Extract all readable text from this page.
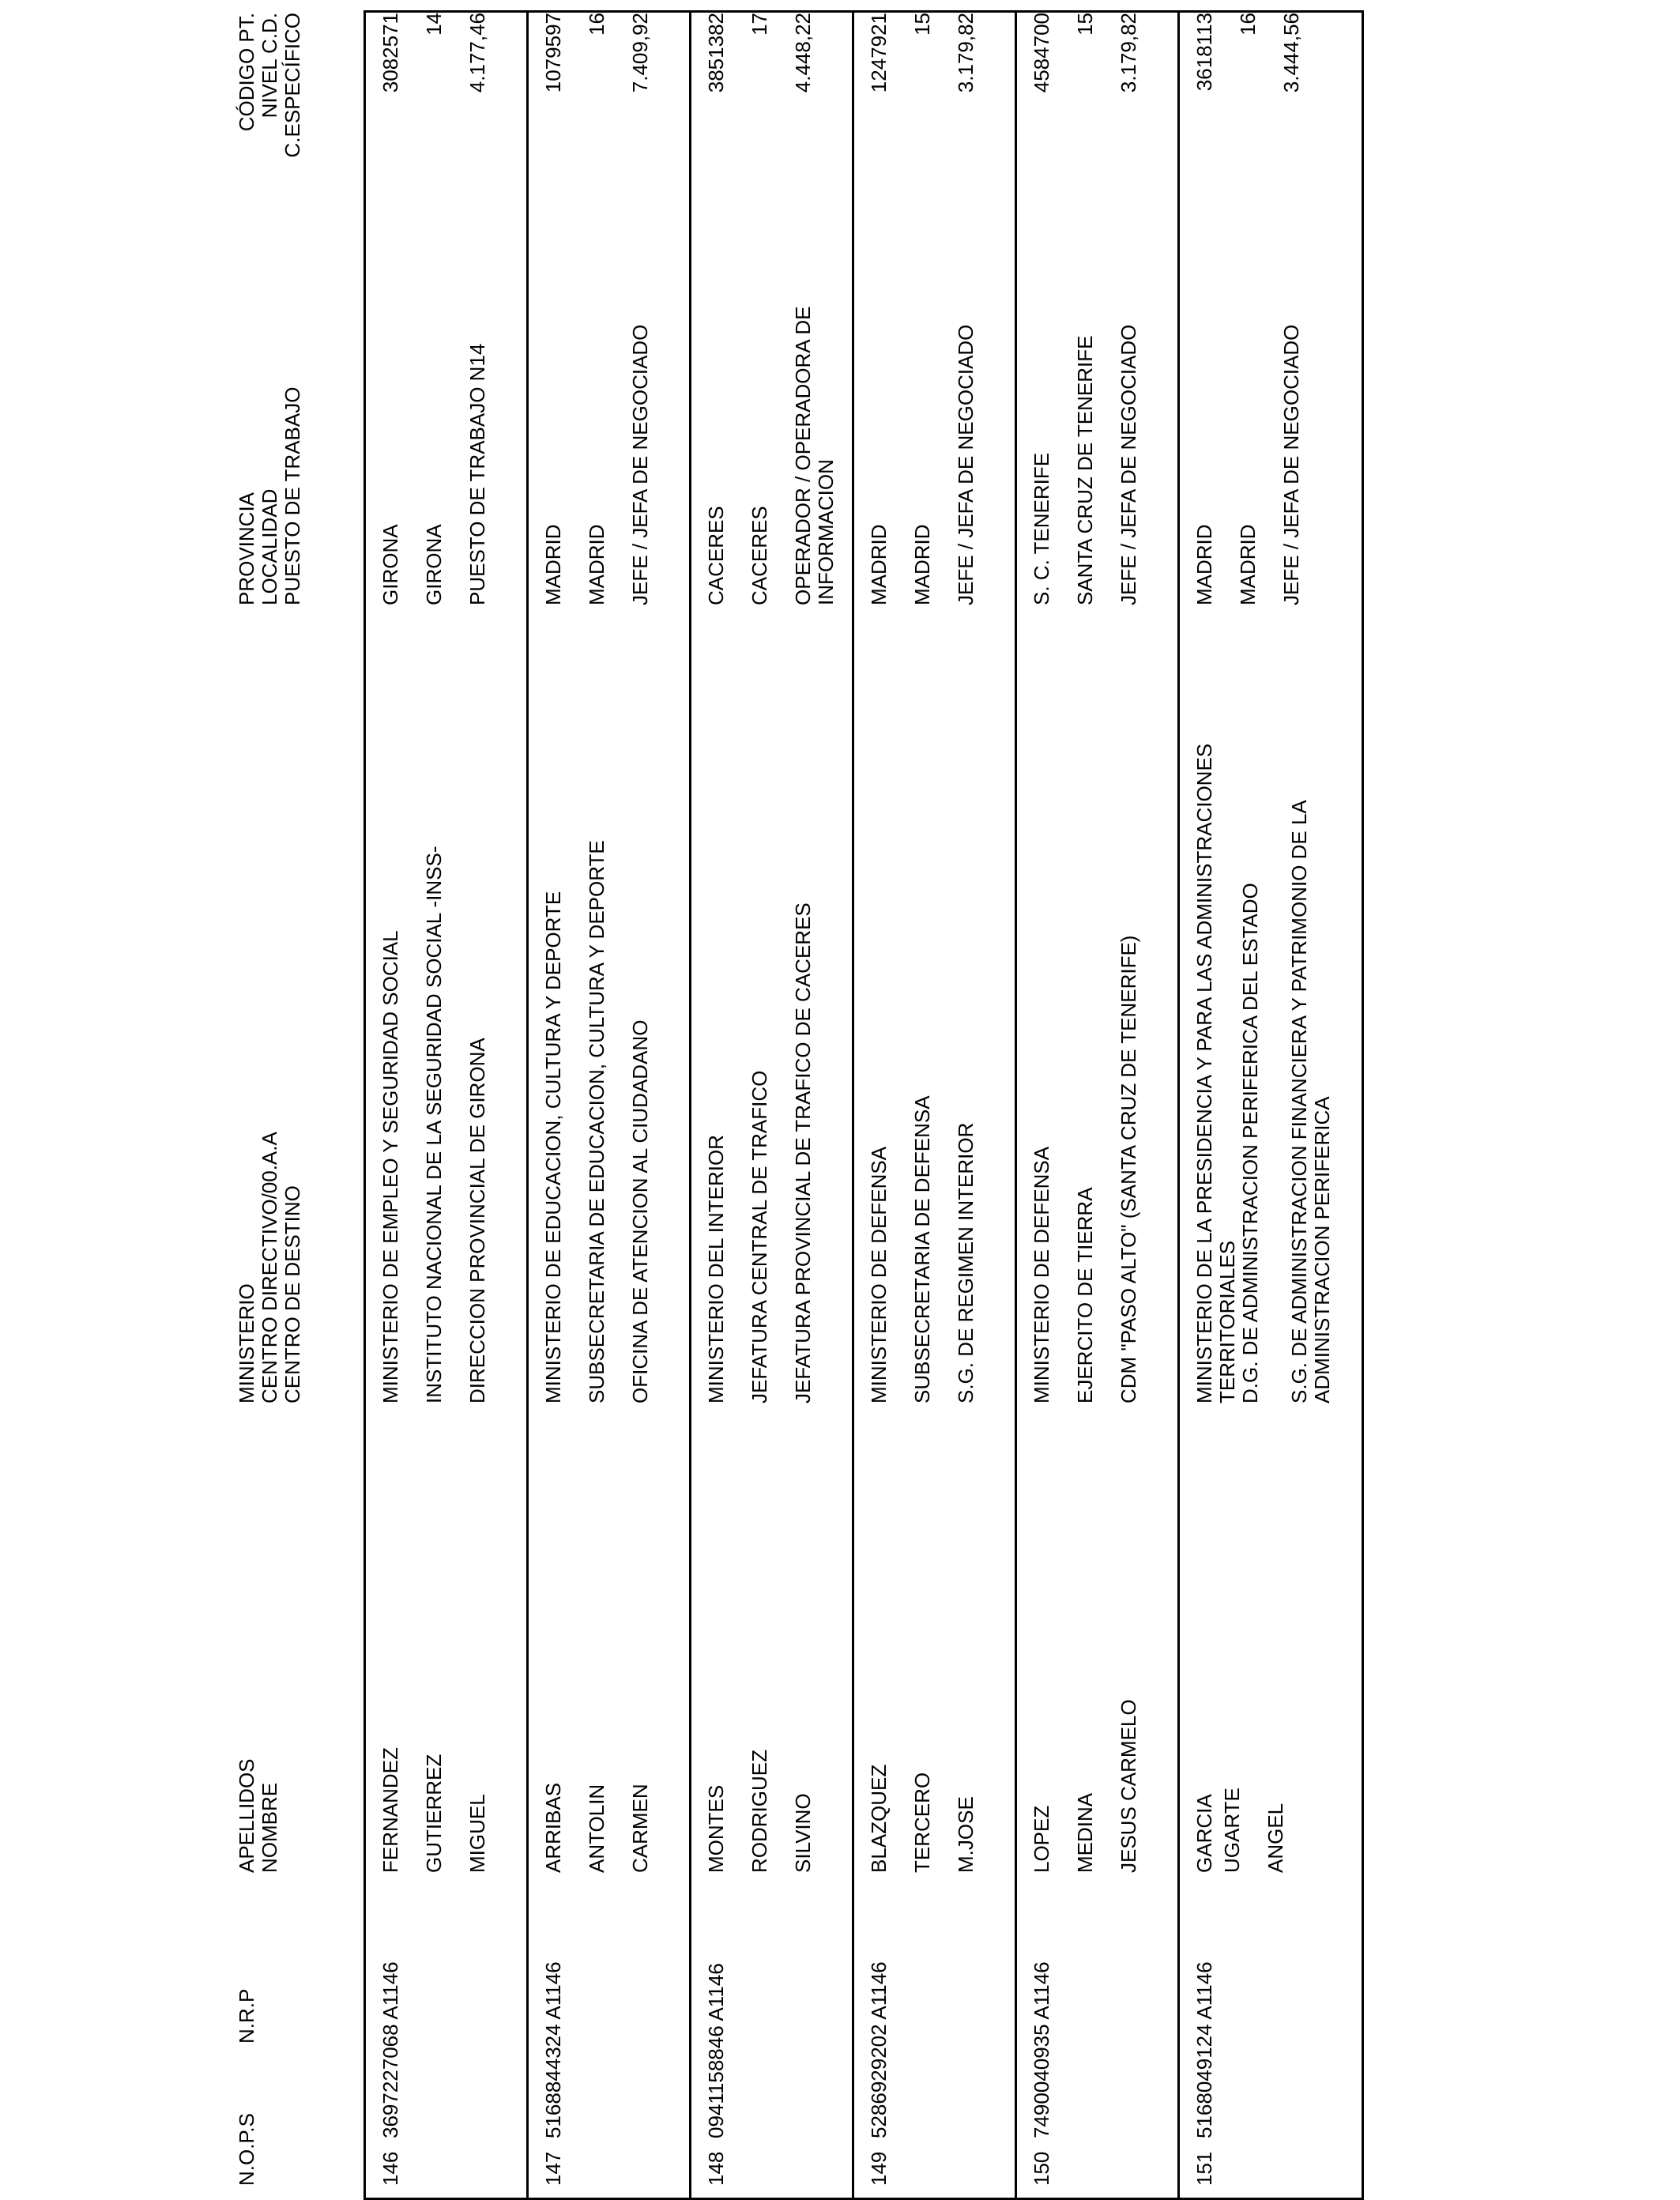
N.O.P.S
N.R.P
APELLIDOS NOMBRE
MINISTERIO CENTRO DIRECTIVO/00.A.A CENTRO DE DESTINO
PROVINCIA LOCALIDAD PUESTO DE TRABAJO
CÓDIGO PT. NIVEL C.D. C.ESPECÍFICO
146
3697227068 A1146
FERNANDEZ GUTIERREZ MIGUEL
MINISTERIO DE EMPLEO Y SEGURIDAD SOCIAL INSTITUTO NACIONAL DE LA SEGURIDAD SOCIAL -INSS- DIRECCION PROVINCIAL DE GIRONA
GIRONA GIRONA PUESTO DE TRABAJO N14
3082571 14 4.177,46
147
5168844324 A1146
ARRIBAS ANTOLIN CARMEN
MINISTERIO DE EDUCACION, CULTURA Y DEPORTE SUBSECRETARIA DE EDUCACION, CULTURA Y DEPORTE OFICINA DE ATENCION AL CIUDADANO
MADRID MADRID JEFE / JEFA DE NEGOCIADO
1079597 16 7.409,92
148
0941158846 A1146
MONTES RODRIGUEZ SILVINO
MINISTERIO DEL INTERIOR JEFATURA CENTRAL DE TRAFICO JEFATURA PROVINCIAL DE TRAFICO DE CACERES
CACERES CACERES OPERADOR / OPERADORA DE INFORMACION
3851382 17 4.448,22
149
5286929202 A1146
BLAZQUEZ TERCERO M.JOSE
MINISTERIO DE DEFENSA SUBSECRETARIA DE DEFENSA S.G. DE REGIMEN INTERIOR
MADRID MADRID JEFE / JEFA DE NEGOCIADO
1247921 15 3.179,82
150
7490040935 A1146
LOPEZ MEDINA JESUS CARMELO
MINISTERIO DE DEFENSA EJERCITO DE TIERRA CDM "PASO ALTO" (SANTA CRUZ DE TENERIFE)
S. C. TENERIFE SANTA CRUZ DE TENERIFE JEFE / JEFA DE NEGOCIADO
4584700 15 3.179,82
151
5168049124 A1146
GARCIA UGARTE ANGEL
MINISTERIO DE LA PRESIDENCIA Y PARA LAS ADMINISTRACIONES TERRITORIALES D.G. DE ADMINISTRACION PERIFERICA DEL ESTADO S.G. DE ADMINISTRACION FINANCIERA Y PATRIMONIO DE LA ADMINISTRACION PERIFERICA
MADRID MADRID JEFE / JEFA DE NEGOCIADO
3618113 16 3.444,56
